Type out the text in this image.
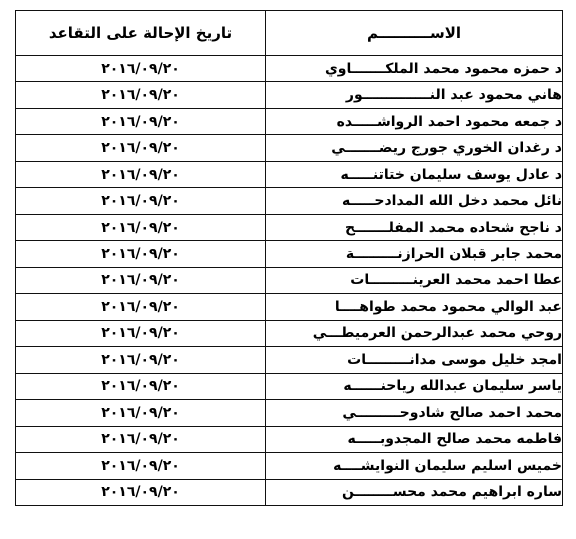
الاســــــــــم	تاريخ الإحالة على التقاعد
د حمزه محمود محمد الملكـــــــاوي	٢٠١٦/٠٩/٢٠
هاني محمود عبد النــــــــــــــور	٢٠١٦/٠٩/٢٠
د جمعه محمود احمد الرواشـــــده	٢٠١٦/٠٩/٢٠
د رغدان الخوري جورج ريضـــــــي	٢٠١٦/٠٩/٢٠
د عادل يوسف سليمان ختاتنـــــه	٢٠١٦/٠٩/٢٠
نائل محمد دخل الله المدادحـــــه	٢٠١٦/٠٩/٢٠
د ناجح شحاده محمد المفلـــــــح	٢٠١٦/٠٩/٢٠
محمد جابر قبلان الحرازنـــــــــة	٢٠١٦/٠٩/٢٠
عطا احمد محمد العرينـــــــــات	٢٠١٦/٠٩/٢٠
عبد الوالي محمود محمد طواهــــا	٢٠١٦/٠٩/٢٠
روحي محمد عبدالرحمن العرميطـــي	٢٠١٦/٠٩/٢٠
امجد خليل موسى مدانـــــــــات	٢٠١٦/٠٩/٢٠
ياسر سليمان عبدالله رياحنــــــه	٢٠١٦/٠٩/٢٠
محمد احمد صالح شادوحـــــــــي	٢٠١٦/٠٩/٢٠
فاطمه محمد صالح المجدوبـــــه	٢٠١٦/٠٩/٢٠
خميس اسليم سليمان النوايشــــه	٢٠١٦/٠٩/٢٠
ساره ابراهيم محمد محســــــــن	٢٠١٦/٠٩/٢٠
